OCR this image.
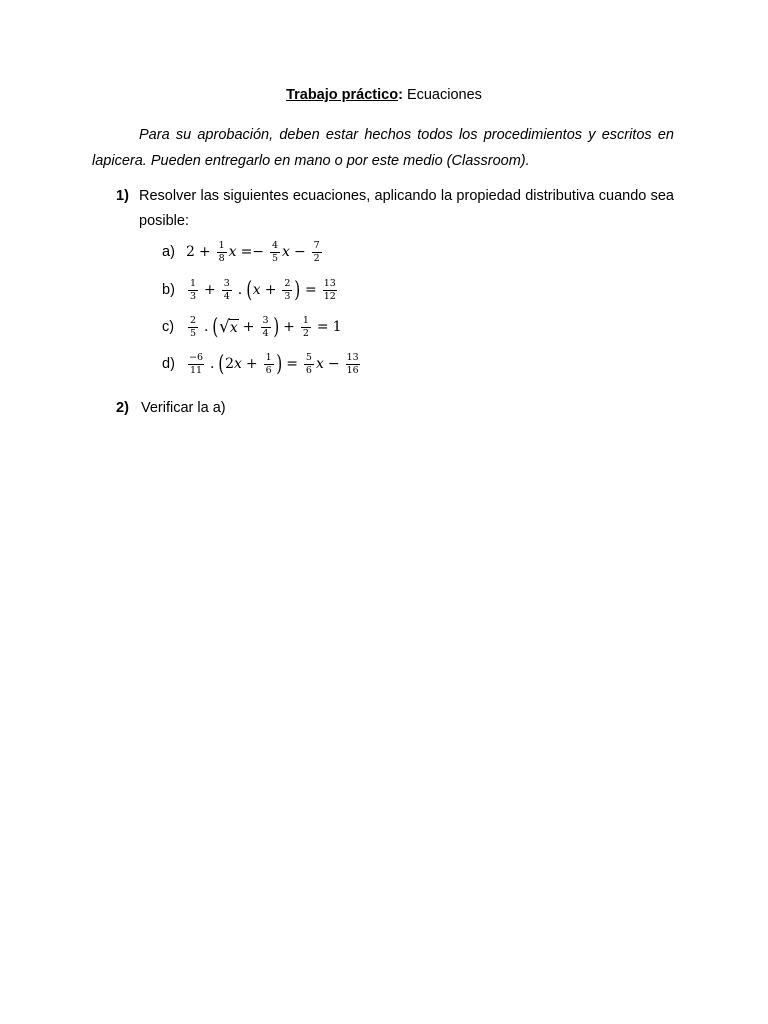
Trabajo práctico: Ecuaciones
Para su aprobación, deben estar hechos todos los procedimientos y escritos en lapicera. Pueden entregarlo en mano o por este medio (Classroom).
1) Resolver las siguientes ecuaciones, aplicando la propiedad distributiva cuando sea posible:
a) $2 + \frac{1}{8}$ $x =- \frac{4}{5}$ $x - \frac{7}{2}$
b)	$\frac{1}{3} + \frac{3}{4}$ . ( $x + \frac{2}{3}$ ) = $\frac{13}{12}$
c)	$\frac{2}{5}$ . ( √ $x + \frac{3}{4}$ ) + $\frac{1}{2} = 1$
d)	$\frac{-6}{11}$ . ( 2 $x + \frac{1}{6}$ ) = $\frac{5}{6}$ $x - \frac{13}{16}$
2) Verificar la a)
